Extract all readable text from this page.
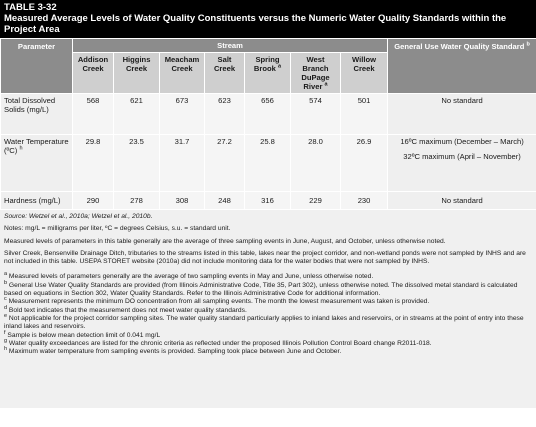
TABLE 3-32
Measured Average Levels of Water Quality Constituents versus the Numeric Water Quality Standards within the Project Area
Parameter	Stream							General Use Water Quality Standard $^b$
	Addison Creek	Higgins Creek	Meacham Creek	Salt Creek	Spring Brook $^a$	West Branch DuPage River $^a$	Willow Creek	
Total Dissolved Solids (mg/L)	568	621	673	623	656	574	501	No standard
Water Temperature (ºC) $^h$	29.8	23.5	31.7	27.2	25.8	28.0	26.9	16ºC maximum (December – March)
32ºC maximum (April – November)

Hardness (mg/L)	290	278	308	248	316	229	230	No standard

Source: Wetzel et al., 2010a; Wetzel et al., 2010b.

Notes: mg/L = milligrams per liter, ºC = degrees Celsius, s.u. = standard unit.

Measured levels of parameters in this table generally are the average of three sampling events in June, August, and October, unless otherwise noted.

Silver Creek, Bensenville Drainage Ditch, tributaries to the streams listed in this table, lakes near the project corridor, and non-wetland ponds were not sampled by INHS and are not included in this table. USEPA STORET website (2010a) did not include monitoring data for the water bodies that were not sampled by INHS.

$^a$ Measured levels of parameters generally are the average of two sampling events in May and June, unless otherwise noted.
$^b$ General Use Water Quality Standards are provided (from Illinois Administrative Code, Title 35, Part 302), unless otherwise noted. The dissolved metal standard is calculated based on equations in Section 302, Water Quality Standards. Refer to the Illinois Administrative Code for additional information.
$^c$ Measurement represents the minimum DO concentration from all sampling events. The month the lowest measurement was taken is provided.
$^d$ Bold text indicates that the measurement does not meet water quality standards.
$^e$ Not applicable for the project corridor sampling sites. The water quality standard particularly applies to inland lakes and reservoirs, or in streams at the point of entry into these inland lakes and reservoirs.
$^f$ Sample is below mean detection limit of 0.041 mg/L
$^g$ Water quality exceedances are listed for the chronic criteria as reflected under the proposed Illinois Pollution Control Board change R2011-018.
$^h$ Maximum water temperature from sampling events is provided. Sampling took place between June and October.
